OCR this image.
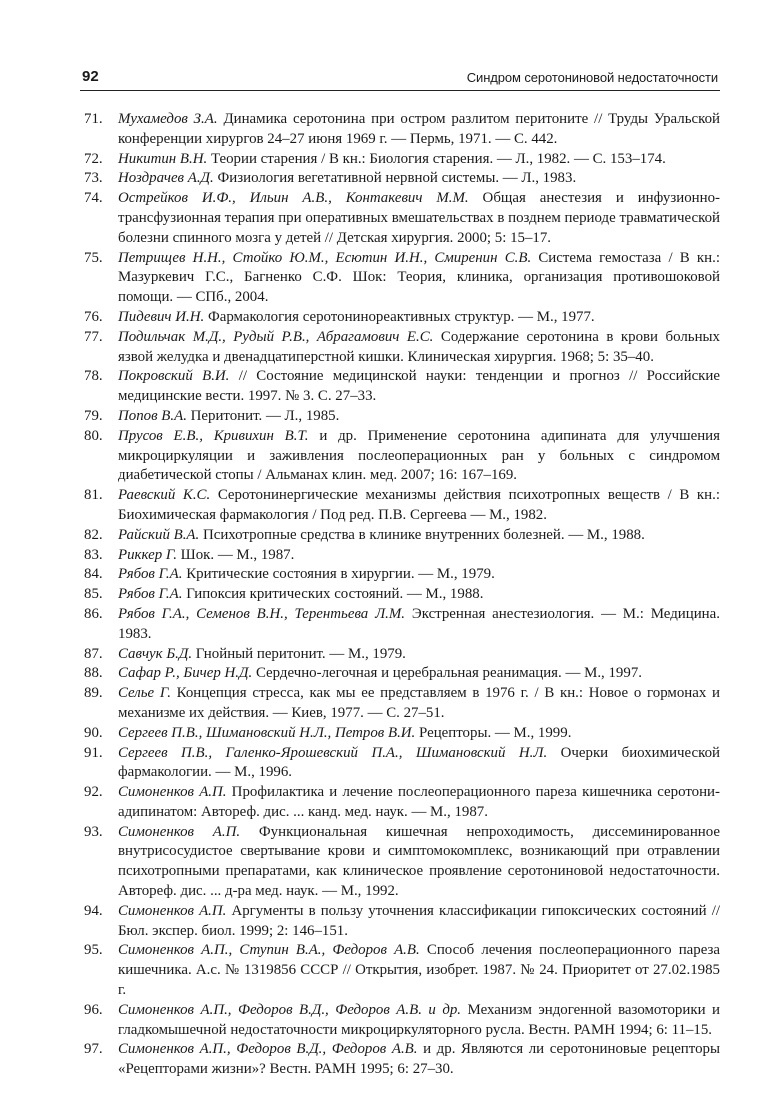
92	Синдром серотониновой недостаточности
71.	Мухамедов З.А. Динамика серотонина при остром разлитом перитоните // Труды Уральской конференции хирургов 24–27 июня 1969 г. — Пермь, 1971. — С. 442.
72.	Никитин В.Н. Теории старения / В кн.: Биология старения. — Л., 1982. — С. 153–174.
73.	Ноздрачев А.Д. Физиология вегетативной нервной системы. — Л., 1983.
74.	Острейков И.Ф., Ильин А.В., Контакевич М.М. Общая анестезия и инфузионно-трансфузионная терапия при оперативных вмешательствах в позднем периоде травматической болезни спинного мозга у детей // Детская хирургия. 2000; 5: 15–17.
75.	Петрищев Н.Н., Стойко Ю.М., Есютин И.Н., Смиренин С.В. Система гемостаза / В кн.: Мазуркевич Г.С., Багненко С.Ф. Шок: Теория, клиника, организация противошоковой помощи. — СПб., 2004.
76.	Пидевич И.Н. Фармакология серотонинореактивных структур. — М., 1977.
77.	Подильчак М.Д., Рудый Р.В., Абрагамович Е.С. Содержание серотонина в крови больных язвой желудка и двенадцатиперстной кишки. Клиническая хирургия. 1968; 5: 35–40.
78.	Покровский В.И. // Состояние медицинской науки: тенденции и прогноз // Российские медицинские вести. 1997. № 3. С. 27–33.
79.	Попов В.А. Перитонит. — Л., 1985.
80.	Прусов Е.В., Кривихин В.Т. и др. Применение серотонина адипината для улучшения микроциркуляции и заживления послеоперационных ран у больных с синдромом диабетической стопы / Альманах клин. мед. 2007; 16: 167–169.
81.	Раевский К.С. Серотонинергические механизмы действия психотропных веществ / В кн.: Биохимическая фармакология / Под ред. П.В. Сергеева — М., 1982.
82.	Райский В.А. Психотропные средства в клинике внутренних болезней. — М., 1988.
83.	Риккер Г. Шок. — М., 1987.
84.	Рябов Г.А. Критические состояния в хирургии. — М., 1979.
85.	Рябов Г.А. Гипоксия критических состояний. — М., 1988.
86.	Рябов Г.А., Семенов В.Н., Терентьева Л.М. Экстренная анестезиология. — М.: Медицина. 1983.
87.	Савчук Б.Д. Гнойный перитонит. — М., 1979.
88.	Сафар Р., Бичер Н.Д. Сердечно-легочная и церебральная реанимация. — М., 1997.
89.	Селье Г. Концепция стресса, как мы ее представляем в 1976 г. / В кн.: Новое о гормонах и механизме их действия. — Киев, 1977. — С. 27–51.
90.	Сергеев П.В., Шимановский Н.Л., Петров В.И. Рецепторы. — М., 1999.
91.	Сергеев П.В., Галенко-Ярошевский П.А., Шимановский Н.Л. Очерки биохимической фармакологии. — М., 1996.
92.	Симоненков А.П. Профилактика и лечение послеоперационного пареза кишечника серотони-адипинатом: Автореф. дис. ... канд. мед. наук. — М., 1987.
93.	Симоненков А.П. Функциональная кишечная непроходимость, диссеминированное внутрисосудистое свертывание крови и симптомокомплекс, возникающий при отравлении психотропными препаратами, как клиническое проявление серотониновой недостаточности. Автореф. дис. ... д-ра мед. наук. — М., 1992.
94.	Симоненков А.П. Аргументы в пользу уточнения классификации гипоксических состояний // Бюл. экспер. биол. 1999; 2: 146–151.
95.	Симоненков А.П., Ступин В.А., Федоров А.В. Способ лечения послеоперационного пареза кишечника. А.с. № 1319856 СССР // Открытия, изобрет. 1987. № 24. Приоритет от 27.02.1985 г.
96.	Симоненков А.П., Федоров В.Д., Федоров А.В. и др. Механизм эндогенной вазомоторики и гладкомышечной недостаточности микроциркуляторного русла. Вестн. РАМН 1994; 6: 11–15.
97.	Симоненков А.П., Федоров В.Д., Федоров А.В. и др. Являются ли серотониновые рецепторы «Рецепторами жизни»? Вестн. РАМН 1995; 6: 27–30.
